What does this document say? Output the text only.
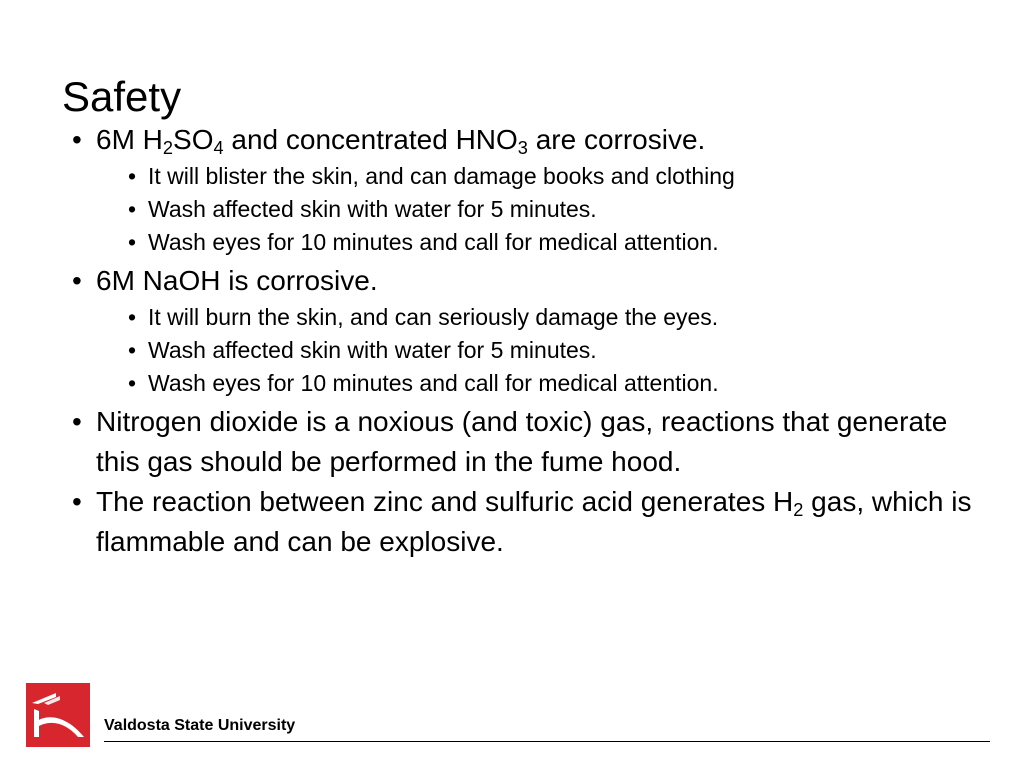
Safety
• 6M $H_2SO_4$ and concentrated $HNO_3$ are corrosive.
• It will blister the skin, and can damage books and clothing
• Wash affected skin with water for 5 minutes.
• Wash eyes for 10 minutes and call for medical attention.
• 6M NaOH is corrosive.
• It will burn the skin, and can seriously damage the eyes.
• Wash affected skin with water for 5 minutes.
• Wash eyes for 10 minutes and call for medical attention.
• Nitrogen dioxide is a noxious (and toxic) gas, reactions that generate this gas should be performed in the fume hood.
• The reaction between zinc and sulfuric acid generates $H_2$ gas, which is flammable and can be explosive.
Valdosta State University
